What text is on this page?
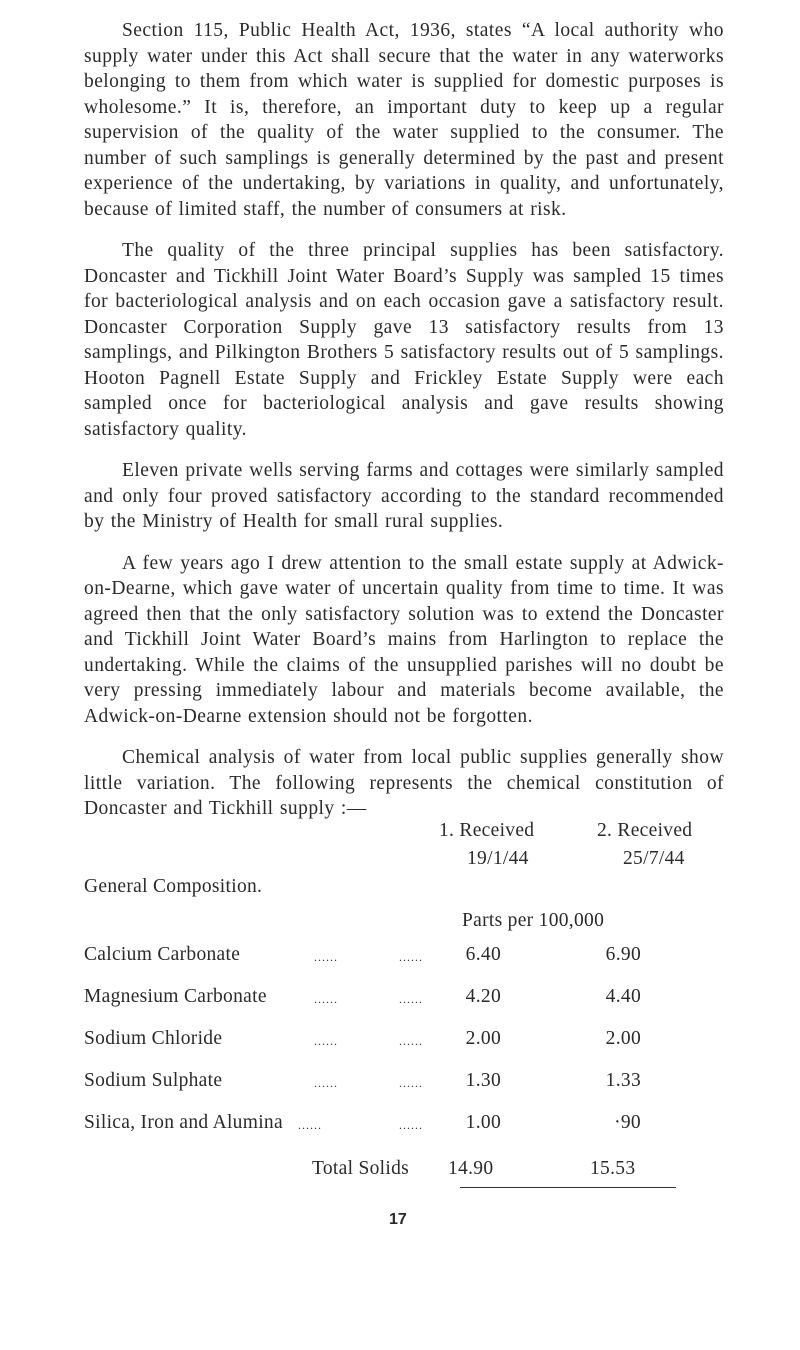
Section 115, Public Health Act, 1936, states “A local authority who supply water under this Act shall secure that the water in any waterworks belonging to them from which water is supplied for domestic purposes is wholesome.” It is, therefore, an important duty to keep up a regular supervision of the quality of the water supplied to the consumer. The number of such samplings is generally determined by the past and present experience of the undertaking, by variations in quality, and unfortunately, because of limited staff, the number of consumers at risk.

The quality of the three principal supplies has been satisfactory. Doncaster and Tickhill Joint Water Board’s Supply was sampled 15 times for bacteriological analysis and on each occasion gave a satisfactory result. Doncaster Corporation Supply gave 13 satisfactory results from 13 samplings, and Pilkington Brothers 5 satisfactory results out of 5 samplings. Hooton Pagnell Estate Supply and Frickley Estate Supply were each sampled once for bacteriological analysis and gave results showing satisfactory quality.

Eleven private wells serving farms and cottages were similarly sampled and only four proved satisfactory according to the standard recommended by the Ministry of Health for small rural supplies.

A few years ago I drew attention to the small estate supply at Adwick-on-Dearne, which gave water of uncertain quality from time to time. It was agreed then that the only satisfactory solution was to extend the Doncaster and Tickhill Joint Water Board’s mains from Harlington to replace the undertaking. While the claims of the unsupplied parishes will no doubt be very pressing immediately labour and materials become available, the Adwick-on-Dearne extension should not be forgotten.

Chemical analysis of water from local public supplies generally show little variation. The following represents the chemical constitution of Doncaster and Tickhill supply :—

1. Received	2. Received
19/1/44	25/7/44
General Composition.
Parts per 100,000
Calcium Carbonate	......	......	6.40	6.90
Magnesium Carbonate	......	......	4.20	4.40
Sodium Chloride	......	......	2.00	2.00
Sodium Sulphate	......	......	1.30	1.33
Silica, Iron and Alumina ......	......	1.00	·90
Total Solids 14.90	15.53
17
